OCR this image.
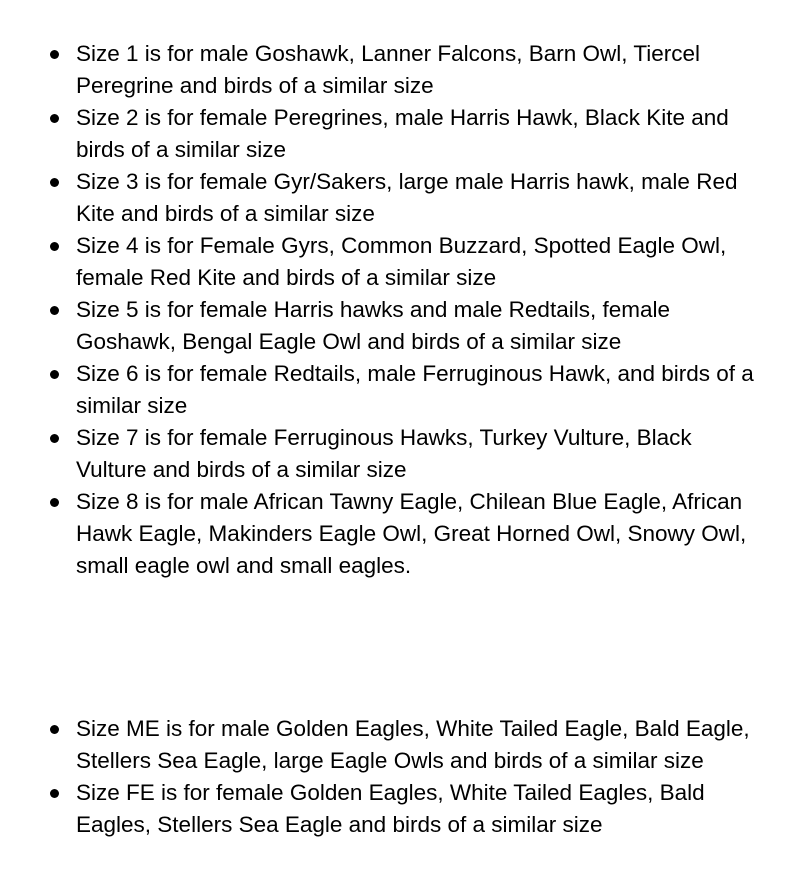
Size 1 is for male Goshawk, Lanner Falcons, Barn Owl, Tiercel Peregrine and birds of a similar size
Size 2 is for female Peregrines, male Harris Hawk, Black Kite and birds of a similar size
Size 3 is for female Gyr/Sakers, large male Harris hawk, male Red Kite and birds of a similar size
Size 4 is for Female Gyrs, Common Buzzard, Spotted Eagle Owl, female Red Kite and birds of a similar size
Size 5 is for female Harris hawks and male Redtails, female Goshawk, Bengal Eagle Owl and birds of a similar size
Size 6 is for female Redtails, male Ferruginous Hawk, and birds of a similar size
Size 7 is for female Ferruginous Hawks, Turkey Vulture, Black Vulture and birds of a similar size
Size 8 is for male African Tawny Eagle, Chilean Blue Eagle, African Hawk Eagle, Makinders Eagle Owl, Great Horned Owl, Snowy Owl, small eagle owl and small eagles.
Size ME is for male Golden Eagles, White Tailed Eagle, Bald Eagle, Stellers Sea Eagle, large Eagle Owls and birds of a similar size
Size FE is for female Golden Eagles, White Tailed Eagles, Bald Eagles, Stellers Sea Eagle and birds of a similar size
